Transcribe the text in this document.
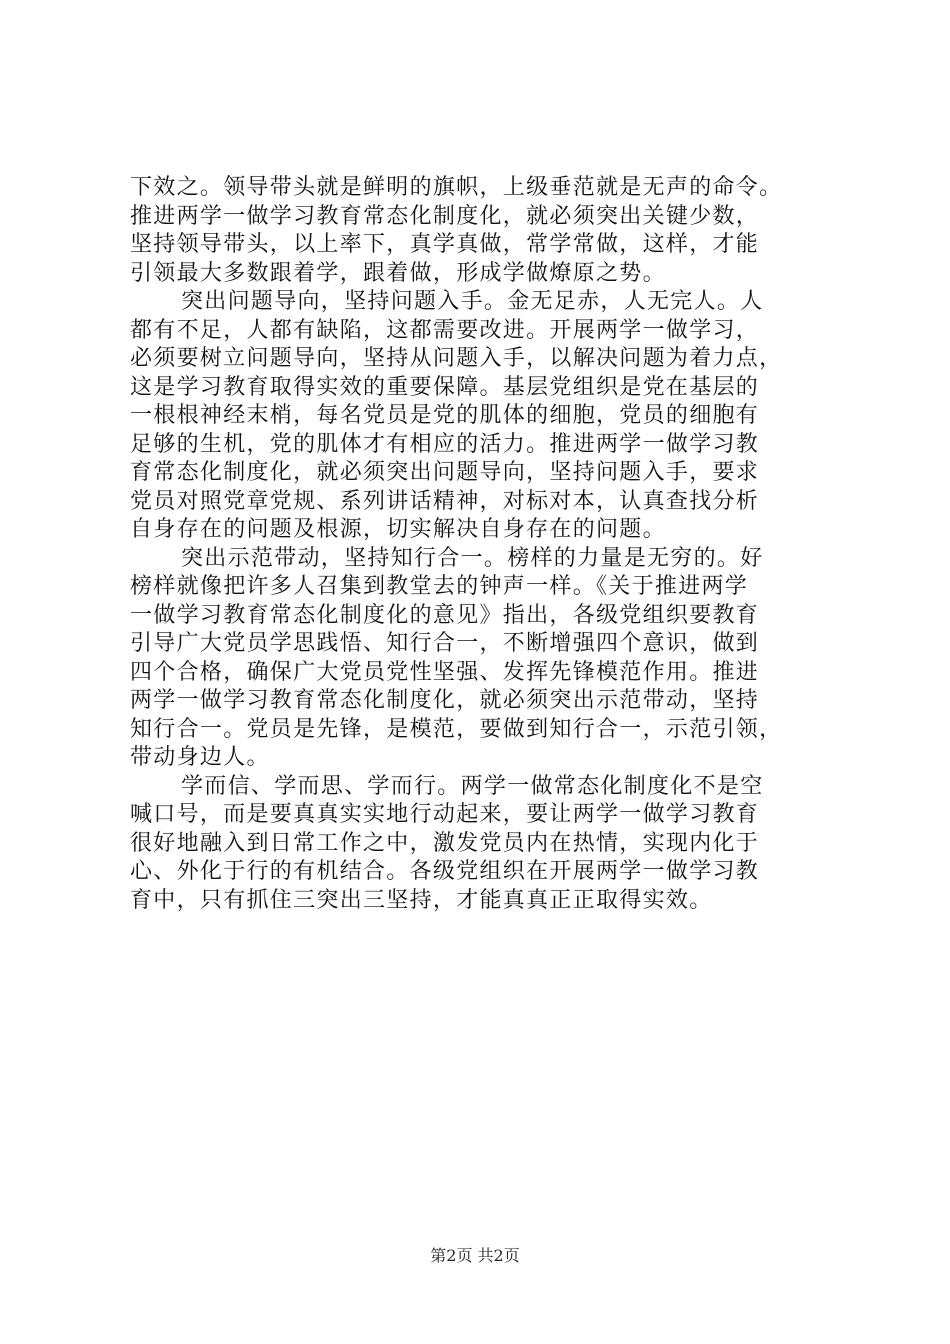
下效之。领导带头就是鲜明的旗帜，上级垂范就是无声的命令。
推进两学一做学习教育常态化制度化，就必须突出关键少数，
坚持领导带头，以上率下，真学真做，常学常做，这样，才能
引领最大多数跟着学，跟着做，形成学做燎原之势。
突出问题导向，坚持问题入手。金无足赤，人无完人。人
都有不足，人都有缺陷，这都需要改进。开展两学一做学习，
必须要树立问题导向，坚持从问题入手，以解决问题为着力点，
这是学习教育取得实效的重要保障。基层党组织是党在基层的
一根根神经末梢，每名党员是党的肌体的细胞，党员的细胞有
足够的生机，党的肌体才有相应的活力。推进两学一做学习教
育常态化制度化，就必须突出问题导向，坚持问题入手，要求
党员对照党章党规、系列讲话精神，对标对本，认真查找分析
自身存在的问题及根源，切实解决自身存在的问题。
突出示范带动，坚持知行合一。榜样的力量是无穷的。好
榜样就像把许多人召集到教堂去的钟声一样。《关于推进两学
一做学习教育常态化制度化的意见》指出，各级党组织要教育
引导广大党员学思践悟、知行合一，不断增强四个意识，做到
四个合格，确保广大党员党性坚强、发挥先锋模范作用。推进
两学一做学习教育常态化制度化，就必须突出示范带动，坚持
知行合一。党员是先锋，是模范，要做到知行合一，示范引领，
带动身边人。
学而信、学而思、学而行。两学一做常态化制度化不是空
喊口号，而是要真真实实地行动起来，要让两学一做学习教育
很好地融入到日常工作之中，激发党员内在热情，实现内化于
心、外化于行的有机结合。各级党组织在开展两学一做学习教
育中，只有抓住三突出三坚持，才能真真正正取得实效。
第2页 共2页
